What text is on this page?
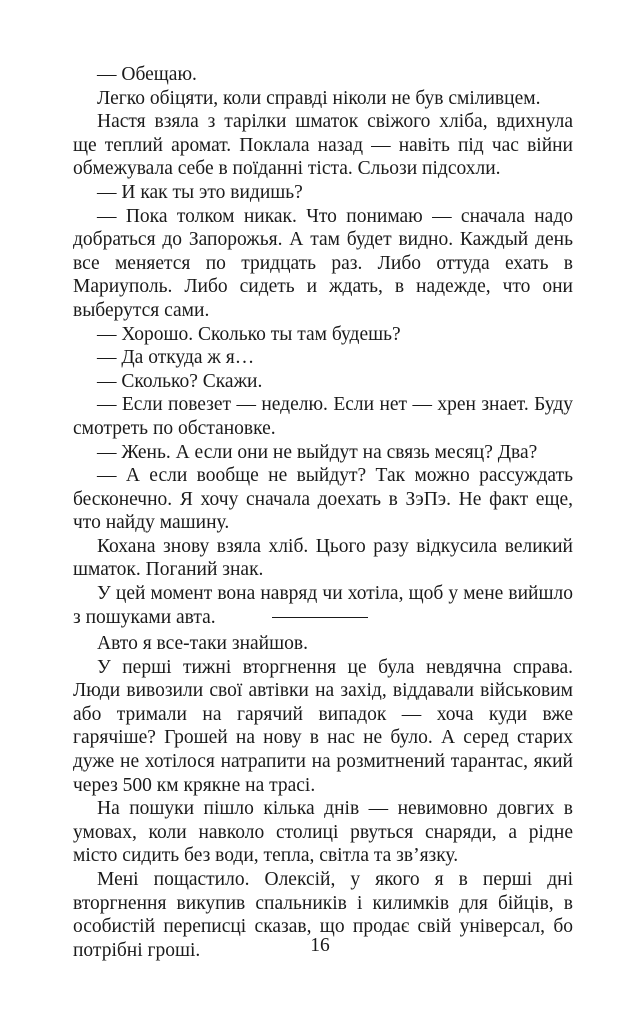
— Обещаю.

Легко обіцяти, коли справді ніколи не був сміливцем.

Настя взяла з тарілки шматок свіжого хліба, вдихнула ще теплий аромат. Поклала назад — навіть під час війни обмежувала себе в поїданні тіста. Сльози підсохли.

— И как ты это видишь?

— Пока толком никак. Что понимаю — сначала надо добраться до Запорожья. А там будет видно. Каждый день все меняется по тридцать раз. Либо оттуда ехать в Мариуполь. Либо сидеть и ждать, в надежде, что они выберутся сами.

— Хорошо. Сколько ты там будешь?

— Да откуда ж я…

— Сколько? Скажи.

— Если повезет — неделю. Если нет — хрен знает. Буду смотреть по обстановке.

— Жень. А если они не выйдут на связь месяц? Два?

— А если вообще не выйдут? Так можно рассуждать бесконечно. Я хочу сначала доехать в ЗэПэ. Не факт еще, что найду машину.

Кохана знову взяла хліб. Цього разу відкусила великий шматок. Поганий знак.

У цей момент вона навряд чи хотіла, щоб у мене вийшло з пошуками авта.

Авто я все-таки знайшов.

У перші тижні вторгнення це була невдячна справа. Люди вивозили свої автівки на захід, віддавали військовим або тримали на гарячий випадок — хоча куди вже гарячіше? Грошей на нову в нас не було. А серед старих дуже не хотілося натрапити на розмитнений тарантас, який через 500 км крякне на трасі.

На пошуки пішло кілька днів — невимовно довгих в умовах, коли навколо столиці рвуться снаряди, а рідне місто сидить без води, тепла, світла та зв’язку.

Мені пощастило. Олексій, у якого я в перші дні вторгнення викупив спальників і килимків для бійців, в особистій переписці сказав, що продає свій універсал, бо потрібні гроші.	16
